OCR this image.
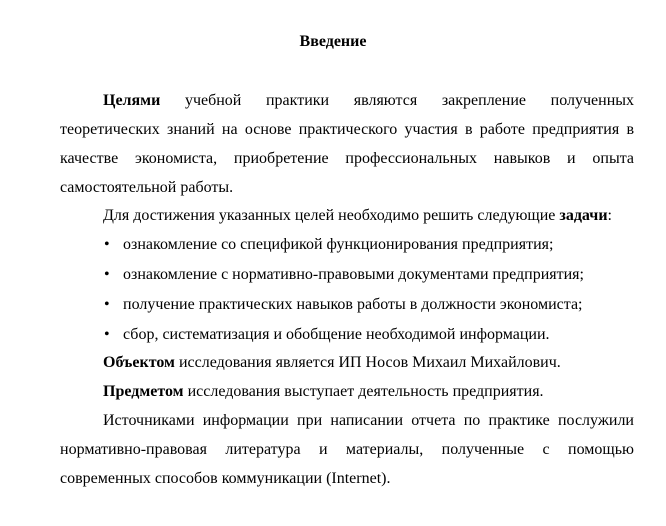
Введение
Целями учебной практики являются закрепление полученных
теоретических знаний на основе практического участия в работе предприятия в
качестве экономиста, приобретение профессиональных навыков и опыта
самостоятельной работы.
Для достижения указанных целей необходимо решить следующие задачи:
• ознакомление со спецификой функционирования предприятия;
• ознакомление с нормативно-правовыми документами предприятия;
• получение практических навыков работы в должности экономиста;
• сбор, систематизация и обобщение необходимой информации.
Объектом исследования является ИП Носов Михаил Михайлович.
Предметом исследования выступает деятельность предприятия.
Источниками информации при написании отчета по практике послужили
нормативно-правовая литература и материалы, полученные с помощью
современных способов коммуникации (Internet).
